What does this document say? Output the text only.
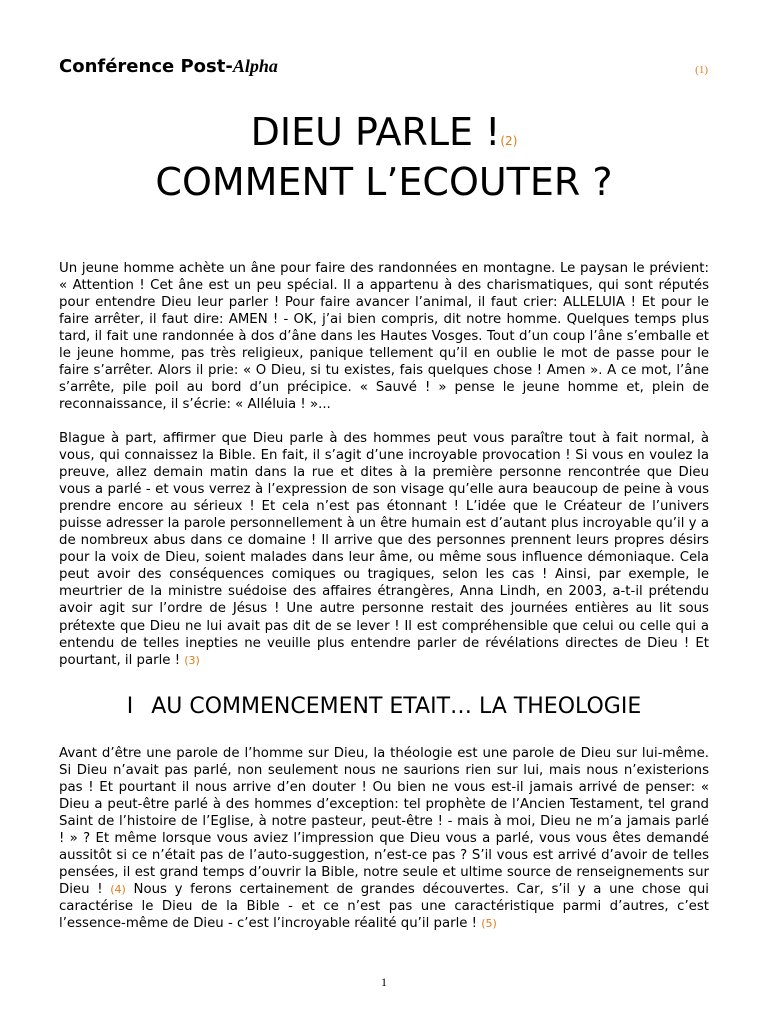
Conférence Post-Alpha	(1)
DIEU PARLE !(2)
COMMENT L’ECOUTER ?

Un jeune homme achète un âne pour faire des randonnées en montagne. Le paysan le prévient: « Attention ! Cet âne est un peu spécial. Il a appartenu à des charismatiques, qui sont réputés pour entendre Dieu leur parler ! Pour faire avancer l’animal, il faut crier: ALLELUIA ! Et pour le faire arrêter, il faut dire: AMEN ! - OK, j’ai bien compris, dit notre homme. Quelques temps plus tard, il fait une randonnée à dos d’âne dans les Hautes Vosges. Tout d’un coup l’âne s’emballe et le jeune homme, pas très religieux, panique tellement qu’il en oublie le mot de passe pour le faire s’arrêter. Alors il prie: « O Dieu, si tu existes, fais quelques chose ! Amen ». A ce mot, l’âne s’arrête, pile poil au bord d’un précipice. « Sauvé ! » pense le jeune homme et, plein de reconnaissance, il s’écrie: « Alléluia ! »...

Blague à part, affirmer que Dieu parle à des hommes peut vous paraître tout à fait normal, à vous, qui connaissez la Bible. En fait, il s’agit d’une incroyable provocation ! Si vous en voulez la preuve, allez demain matin dans la rue et dites à la première personne rencontrée que Dieu vous a parlé - et vous verrez à l’expression de son visage qu’elle aura beaucoup de peine à vous prendre encore au sérieux ! Et cela n’est pas étonnant ! L’idée que le Créateur de l’univers puisse adresser la parole personnellement à un être humain est d’autant plus incroyable qu’il y a de nombreux abus dans ce domaine ! Il arrive que des personnes prennent leurs propres désirs pour la voix de Dieu, soient malades dans leur âme, ou même sous influence démoniaque. Cela peut avoir des conséquences comiques ou tragiques, selon les cas ! Ainsi, par exemple, le meurtrier de la ministre suédoise des affaires étrangères, Anna Lindh, en 2003, a-t-il prétendu avoir agit sur l’ordre de Jésus ! Une autre personne restait des journées entières au lit sous prétexte que Dieu ne lui avait pas dit de se lever ! Il est compréhensible que celui ou celle qui a entendu de telles inepties ne veuille plus entendre parler de révélations directes de Dieu ! Et pourtant, il parle ! (3)

I AU COMMENCEMENT ETAIT… LA THEOLOGIE

Avant d’être une parole de l’homme sur Dieu, la théologie est une parole de Dieu sur lui-même. Si Dieu n’avait pas parlé, non seulement nous ne saurions rien sur lui, mais nous n’existerions pas ! Et pourtant il nous arrive d’en douter ! Ou bien ne vous est-il jamais arrivé de penser: « Dieu a peut-être parlé à des hommes d’exception: tel prophète de l’Ancien Testament, tel grand Saint de l’histoire de l’Eglise, à notre pasteur, peut-être ! - mais à moi, Dieu ne m’a jamais parlé ! » ? Et même lorsque vous aviez l’impression que Dieu vous a parlé, vous vous êtes demandé aussitôt si ce n’était pas de l’auto-suggestion, n’est-ce pas ? S’il vous est arrivé d’avoir de telles pensées, il est grand temps d’ouvrir la Bible, notre seule et ultime source de renseignements sur Dieu ! (4) Nous y ferons certainement de grandes découvertes. Car, s’il y a une chose qui caractérise le Dieu de la Bible - et ce n’est pas une caractéristique parmi d’autres, c’est l’essence-même de Dieu - c’est l’incroyable réalité qu’il parle ! (5)

1
